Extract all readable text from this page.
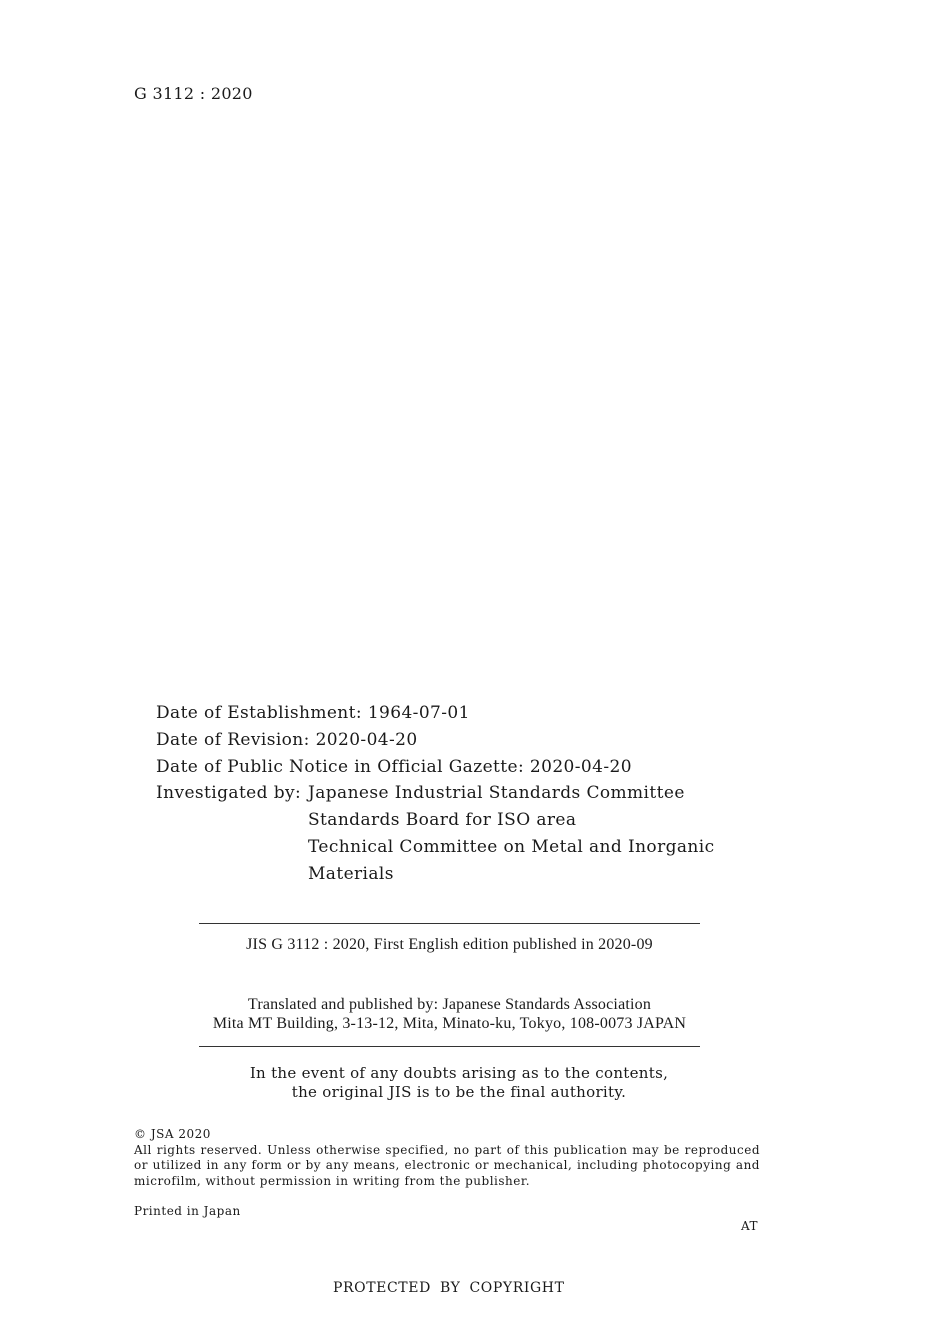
G 3112 : 2020
Date of Establishment: 1964-07-01
Date of Revision: 2020-04-20
Date of Public Notice in Official Gazette: 2020-04-20
Investigated by: Japanese Industrial Standards Committee
Standards Board for ISO area
Technical Committee on Metal and Inorganic
Materials
JIS G 3112 : 2020, First English edition published in 2020-09
Translated and published by: Japanese Standards Association
Mita MT Building, 3-13-12, Mita, Minato-ku, Tokyo, 108-0073 JAPAN
In the event of any doubts arising as to the contents,
the original JIS is to be the final authority.
© JSA 2020
All rights reserved. Unless otherwise specified, no part of this publication may be reproduced or utilized in any form or by any means, electronic or mechanical, including photocopying and microfilm, without permission in writing from the publisher.
Printed in Japan
AT
PROTECTED BY COPYRIGHT
